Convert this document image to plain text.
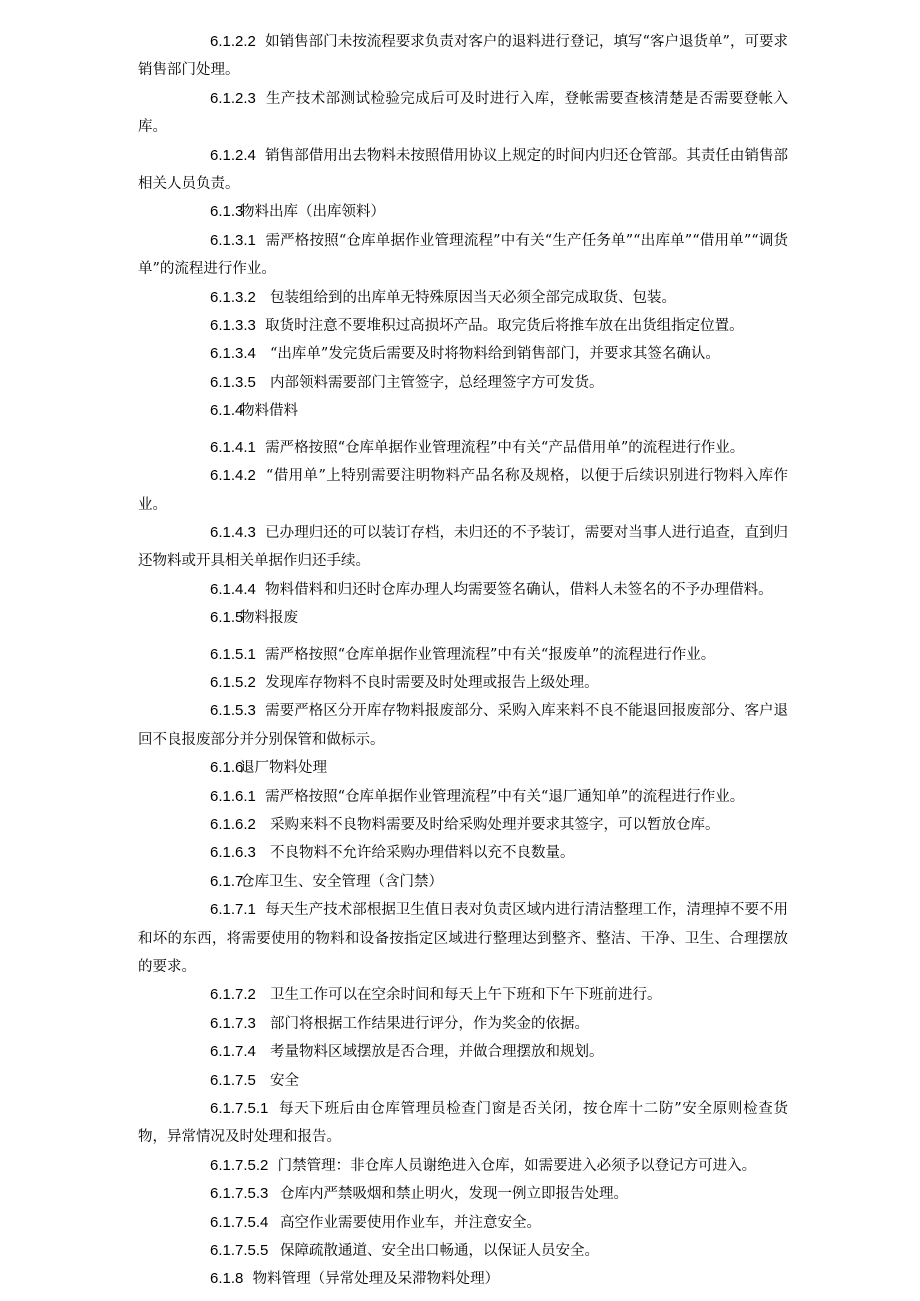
6.1.2.2 如销售部门未按流程要求负责对客户的退料进行登记，填写“客户退货单”，可要求销售部门处理。

6.1.2.3 生产技术部测试检验完成后可及时进行入库，登帐需要查核清楚是否需要登帐入库。

6.1.2.4 销售部借用出去物料未按照借用协议上规定的时间内归还仓管部。其责任由销售部相关人员负责。

6.1.3物料出库（出库领料）

6.1.3.1 需严格按照“仓库单据作业管理流程”中有关“生产任务单”“出库单”“借用单”“调货单”的流程进行作业。

6.1.3.2 包装组给到的出库单无特殊原因当天必须全部完成取货、包装。

6.1.3.3 取货时注意不要堆积过高损坏产品。取完货后将推车放在出货组指定位置。

6.1.3.4 “出库单”发完货后需要及时将物料给到销售部门，并要求其签名确认。

6.1.3.5 内部领料需要部门主管签字，总经理签字方可发货。

6.1.4物料借料

6.1.4.1 需严格按照“仓库单据作业管理流程”中有关“产品借用单”的流程进行作业。

6.1.4.2 “借用单”上特别需要注明物料产品名称及规格，以便于后续识别进行物料入库作业。

6.1.4.3 已办理归还的可以装订存档，未归还的不予装订，需要对当事人进行追查，直到归还物料或开具相关单据作归还手续。

6.1.4.4 物料借料和归还时仓库办理人均需要签名确认，借料人未签名的不予办理借料。

6.1.5物料报废

6.1.5.1 需严格按照“仓库单据作业管理流程”中有关“报废单”的流程进行作业。

6.1.5.2 发现库存物料不良时需要及时处理或报告上级处理。

6.1.5.3 需要严格区分开库存物料报废部分、采购入库来料不良不能退回报废部分、客户退回不良报废部分并分别保管和做标示。

6.1.6退厂物料处理

6.1.6.1 需严格按照“仓库单据作业管理流程”中有关“退厂通知单”的流程进行作业。

6.1.6.2 采购来料不良物料需要及时给采购处理并要求其签字，可以暂放仓库。

6.1.6.3 不良物料不允许给采购办理借料以充不良数量。

6.1.7仓库卫生、安全管理（含门禁）

6.1.7.1 每天生产技术部根据卫生值日表对负责区域内进行清洁整理工作，清理掉不要不用和坏的东西，将需要使用的物料和设备按指定区域进行整理达到整齐、整洁、干净、卫生、合理摆放的要求。

6.1.7.2 卫生工作可以在空余时间和每天上午下班和下午下班前进行。

6.1.7.3 部门将根据工作结果进行评分，作为奖金的依据。

6.1.7.4 考量物料区域摆放是否合理，并做合理摆放和规划。

6.1.7.5 安全

6.1.7.5.1 每天下班后由仓库管理员检查门窗是否关闭，按仓库十二防”安全原则检查货物，异常情况及时处理和报告。

6.1.7.5.2 门禁管理：非仓库人员谢绝进入仓库，如需要进入必须予以登记方可进入。

6.1.7.5.3 仓库内严禁吸烟和禁止明火，发现一例立即报告处理。

6.1.7.5.4 高空作业需要使用作业车，并注意安全。

6.1.7.5.5 保障疏散通道、安全出口畅通，以保证人员安全。

6.1.8 物料管理（异常处理及呆滞物料处理）
